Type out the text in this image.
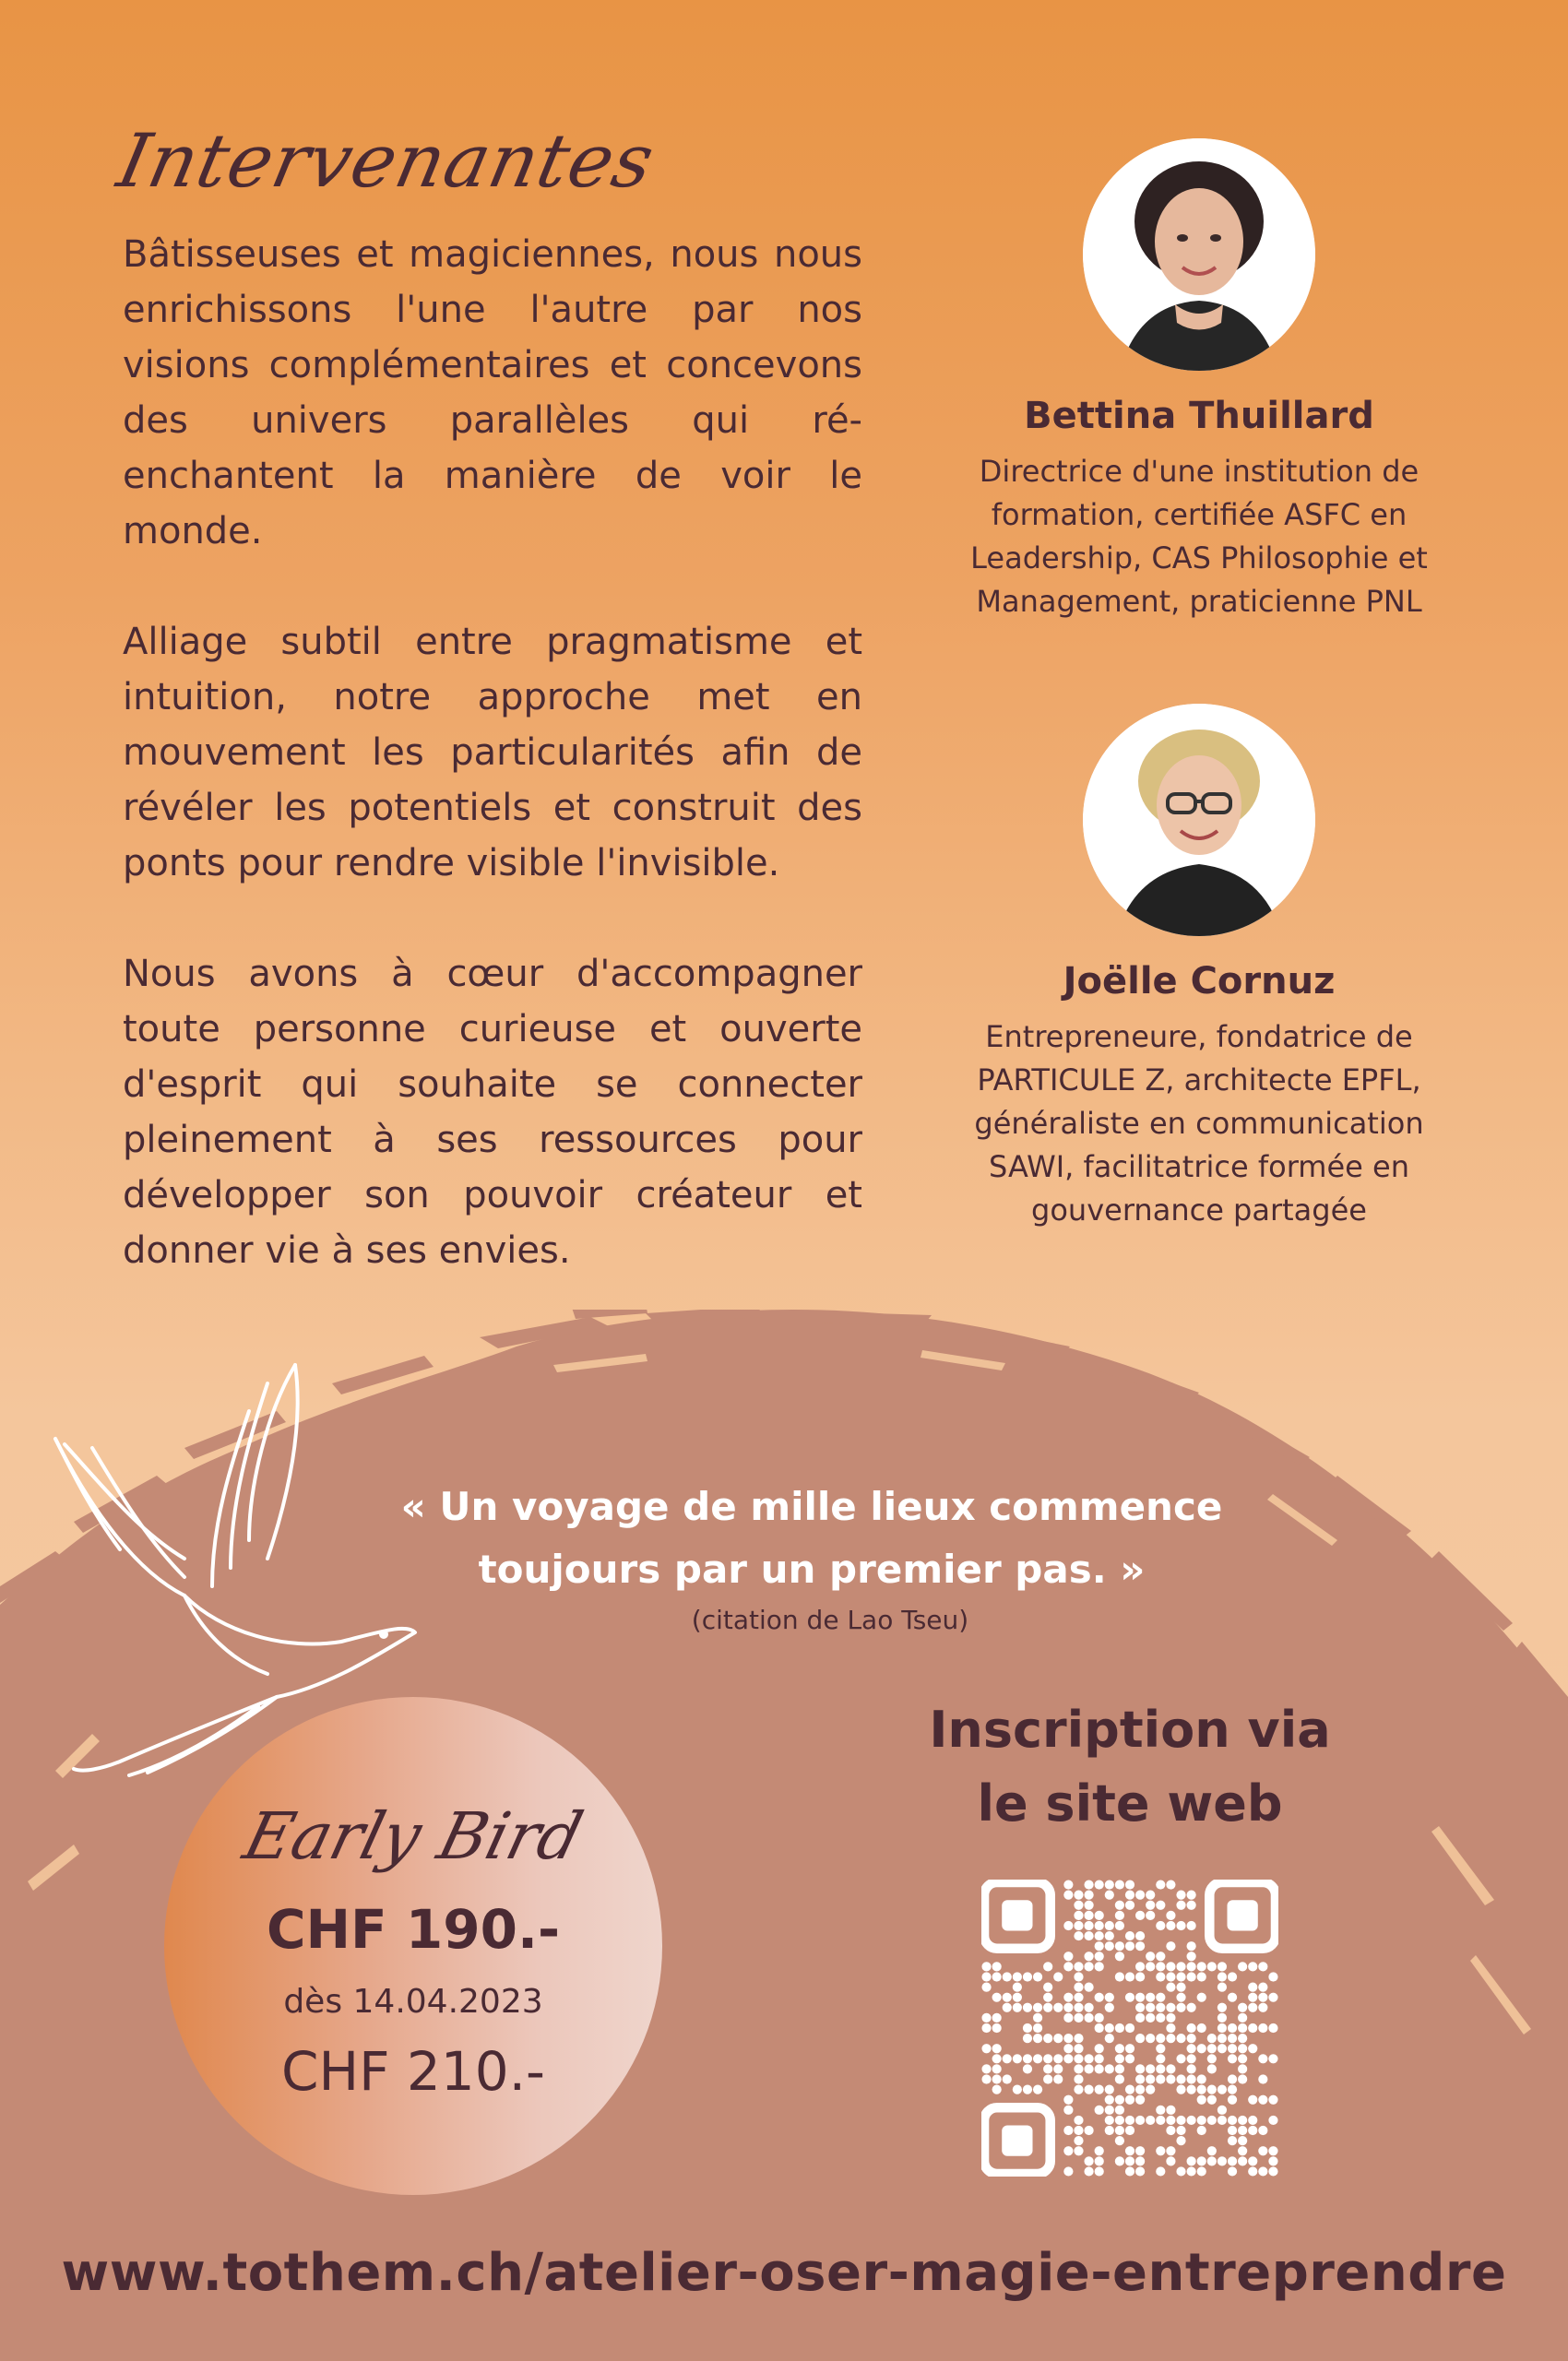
Intervenantes

Bâtisseuses et magiciennes, nous nous enrichissons l'une l'autre par nos visions complémentaires et concevons des univers parallèles qui ré-enchantent la manière de voir le monde.

Alliage subtil entre pragmatisme et intuition, notre approche met en mouvement les particularités afin de révéler les potentiels et construit des ponts pour rendre visible l'invisible.

Nous avons à cœur d'accompagner toute personne curieuse et ouverte d'esprit qui souhaite se connecter pleinement à ses ressources pour développer son pouvoir créateur et donner vie à ses envies.

Bettina Thuillard
Directrice d'une institution de formation, certifiée ASFC en Leadership, CAS Philosophie et Management, praticienne PNL
Joëlle Cornuz
Entrepreneure, fondatrice de PARTICULE Z, architecte EPFL, généraliste en communication SAWI, facilitatrice formée en gouvernance partagée
« Un voyage de mille lieux commence
toujours par un premier pas. »
(citation de Lao Tseu)
Early Bird
CHF 190.-
dès 14.04.2023
CHF 210.-
Inscription via
le site web
www.tothem.ch/atelier-oser-magie-entreprendre
